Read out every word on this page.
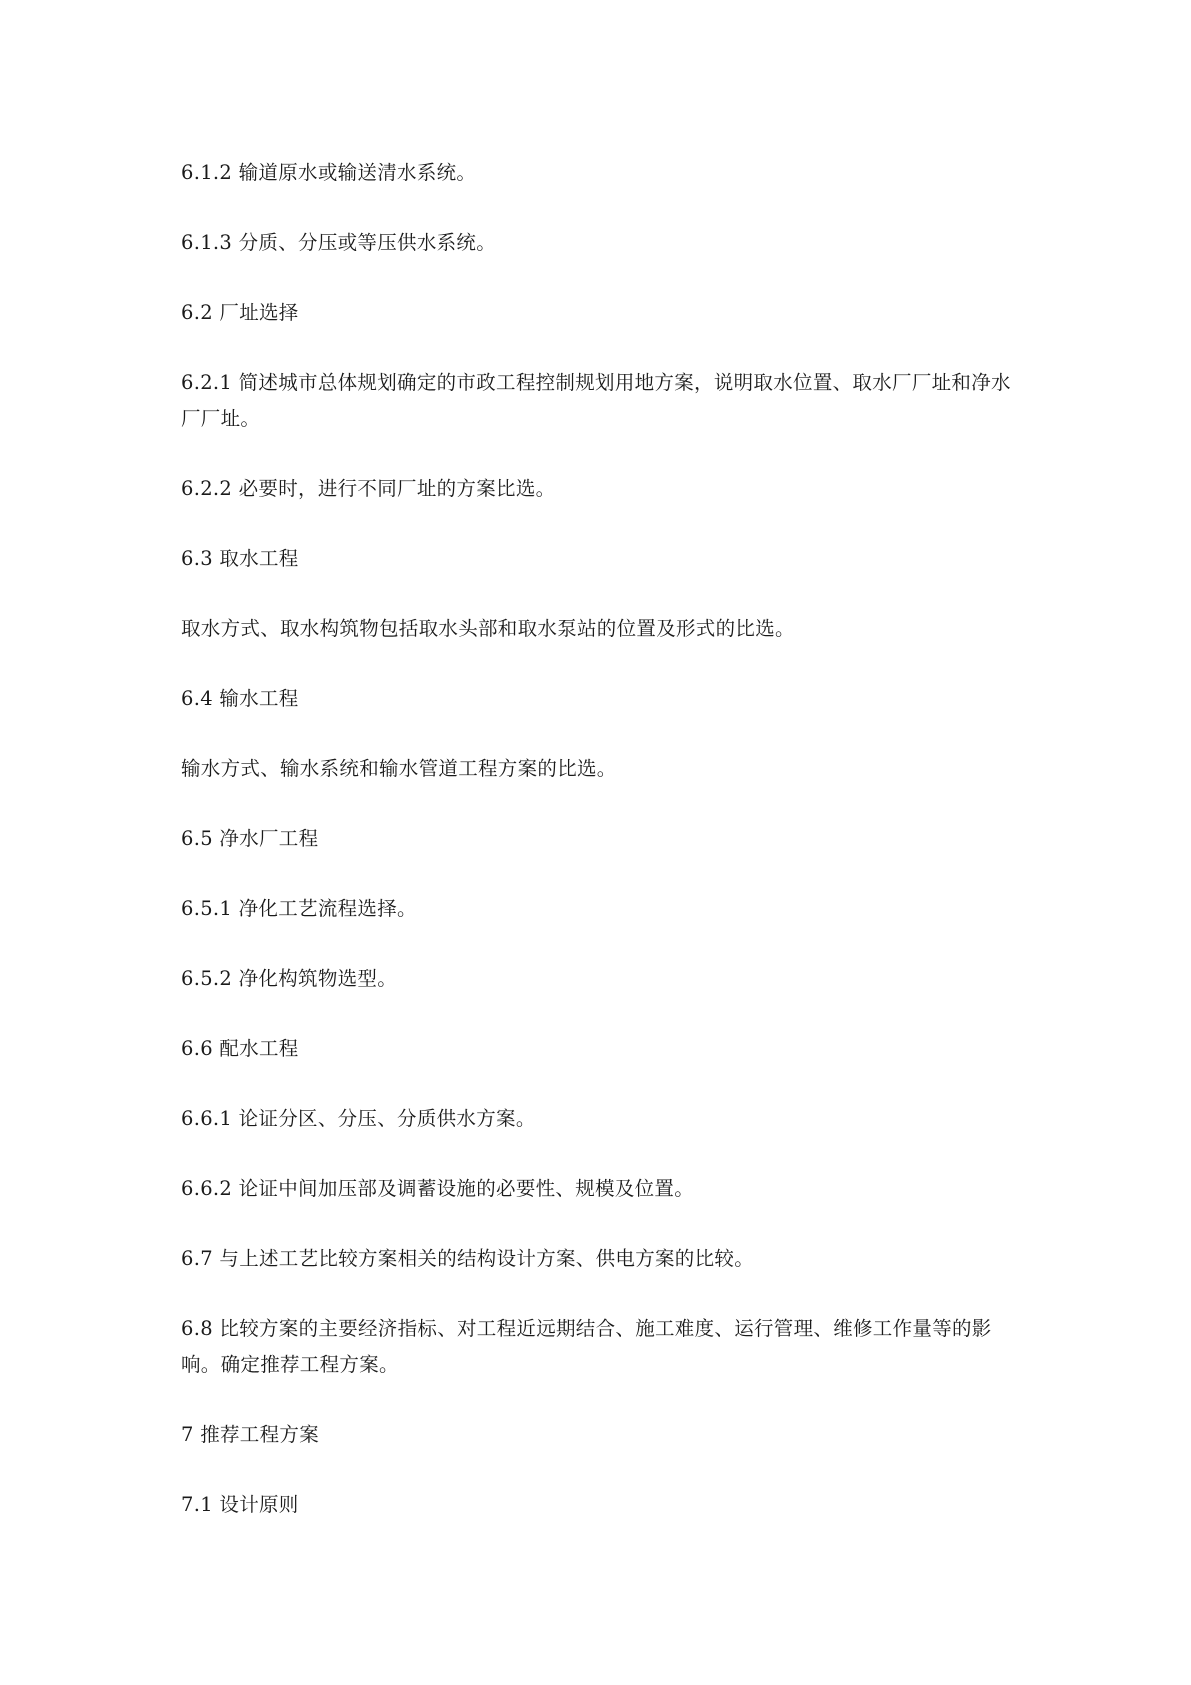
6.1.2 输道原水或输送清水系统。

6.1.3 分质、分压或等压供水系统。

6.2 厂址选择

6.2.1 简述城市总体规划确定的市政工程控制规划用地方案，说明取水位置、取水厂厂址和净水厂厂址。

6.2.2 必要时，进行不同厂址的方案比选。

6.3 取水工程

取水方式、取水构筑物包括取水头部和取水泵站的位置及形式的比选。

6.4 输水工程

输水方式、输水系统和输水管道工程方案的比选。

6.5 净水厂工程

6.5.1 净化工艺流程选择。

6.5.2 净化构筑物选型。

6.6 配水工程

6.6.1 论证分区、分压、分质供水方案。

6.6.2 论证中间加压部及调蓄设施的必要性、规模及位置。

6.7 与上述工艺比较方案相关的结构设计方案、供电方案的比较。

6.8 比较方案的主要经济指标、对工程近远期结合、施工难度、运行管理、维修工作量等的影响。确定推荐工程方案。

7 推荐工程方案

7.1 设计原则
